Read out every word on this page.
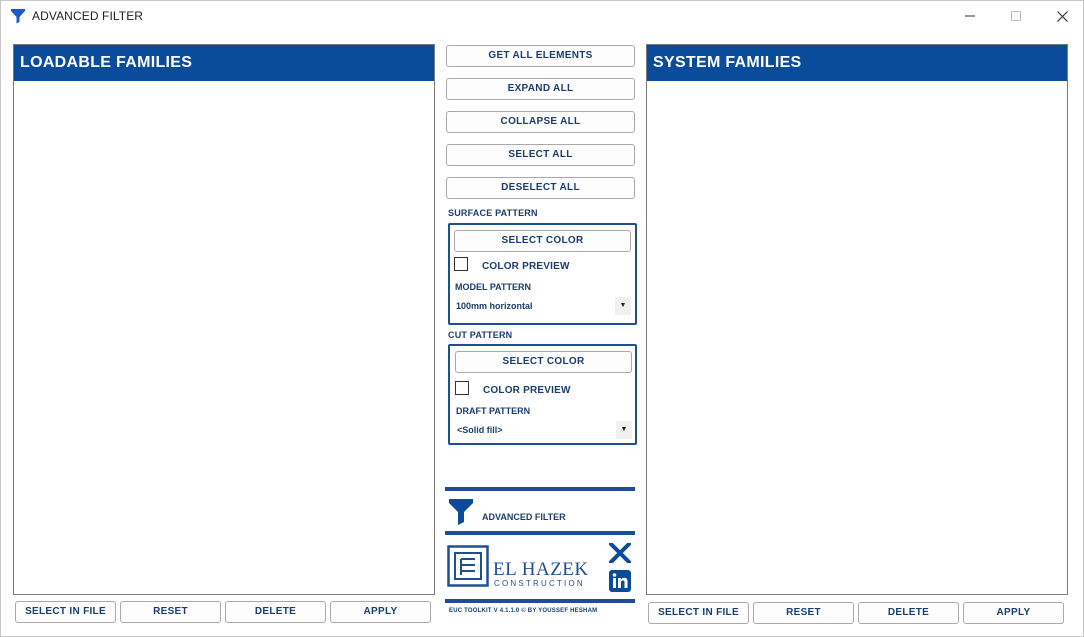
ADVANCED FILTER
LOADABLE FAMILIES
SELECT IN FILE	RESET	DELETE	APPLY
SYSTEM FAMILIES
SELECT IN FILE	RESET	DELETE	APPLY
GET ALL ELEMENTS
EXPAND ALL
COLLAPSE ALL
SELECT ALL
DESELECT ALL
SURFACE PATTERN
SELECT COLOR
COLOR PREVIEW
MODEL PATTERN
100mm horizontal	▼
CUT PATTERN
SELECT COLOR
COLOR PREVIEW
DRAFT PATTERN
<Solid fill>	▼
ADVANCED FILTER
EL HAZEK
CONSTRUCTION
EUC TOOLKIT V 4.1.1.0 © BY YOUSSEF HESHAM
